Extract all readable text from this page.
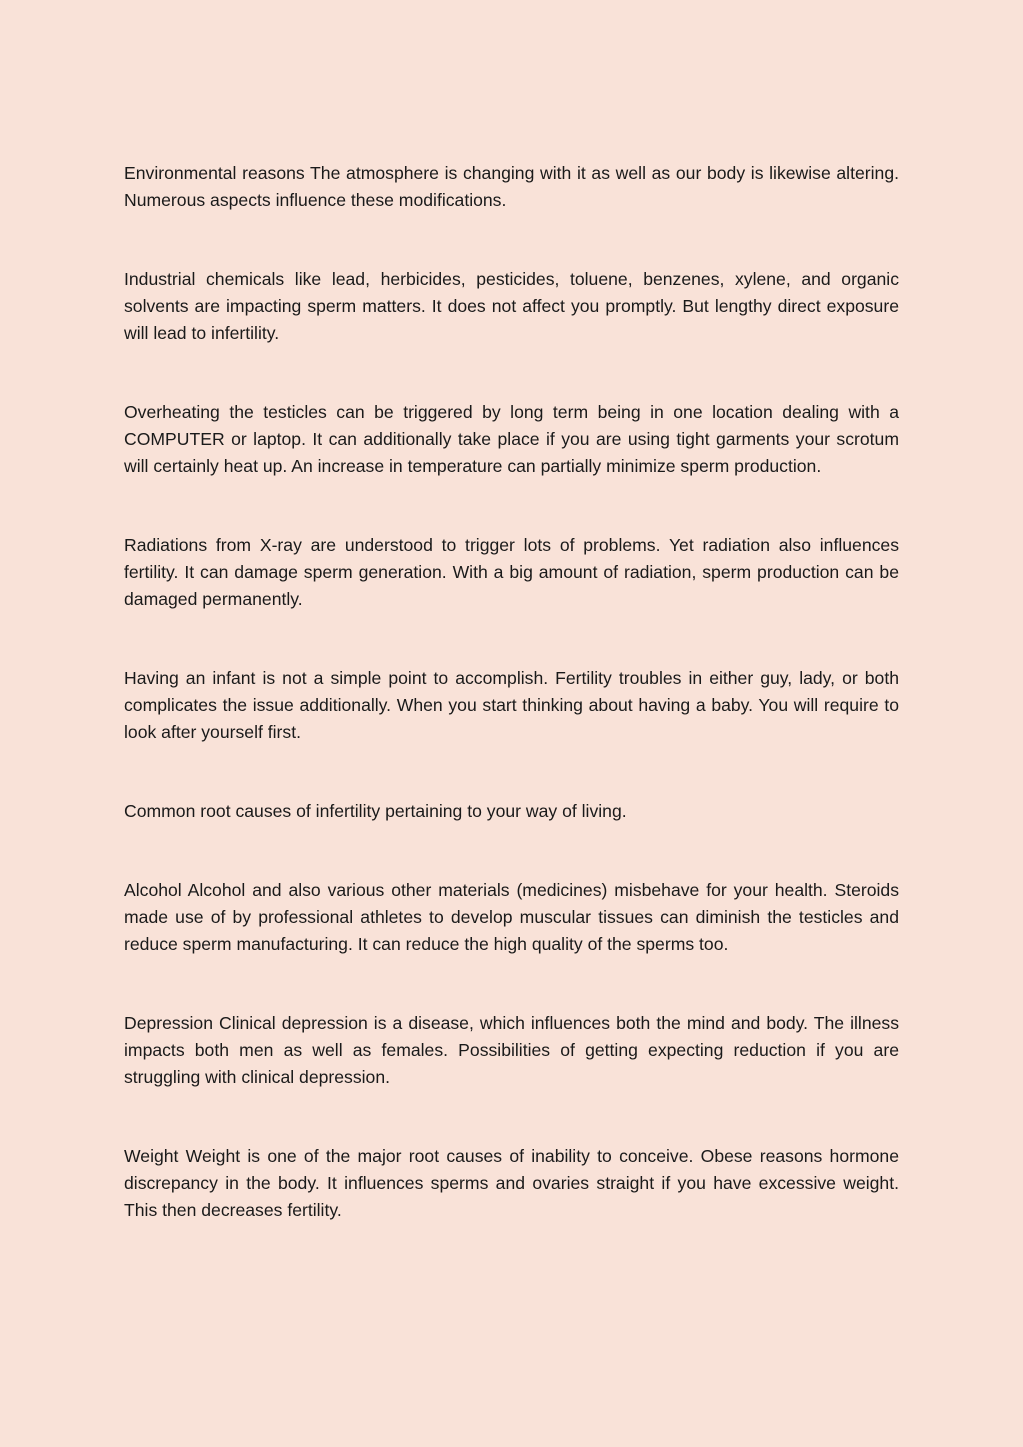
Environmental reasons The atmosphere is changing with it as well as our body is likewise altering. Numerous aspects influence these modifications.

Industrial chemicals like lead, herbicides, pesticides, toluene, benzenes, xylene, and organic solvents are impacting sperm matters. It does not affect you promptly. But lengthy direct exposure will lead to infertility.

Overheating the testicles can be triggered by long term being in one location dealing with a COMPUTER or laptop. It can additionally take place if you are using tight garments your scrotum will certainly heat up. An increase in temperature can partially minimize sperm production.

Radiations from X-ray are understood to trigger lots of problems. Yet radiation also influences fertility. It can damage sperm generation. With a big amount of radiation, sperm production can be damaged permanently.

Having an infant is not a simple point to accomplish. Fertility troubles in either guy, lady, or both complicates the issue additionally. When you start thinking about having a baby. You will require to look after yourself first.

Common root causes of infertility pertaining to your way of living.

Alcohol Alcohol and also various other materials (medicines) misbehave for your health. Steroids made use of by professional athletes to develop muscular tissues can diminish the testicles and reduce sperm manufacturing. It can reduce the high quality of the sperms too.

Depression Clinical depression is a disease, which influences both the mind and body. The illness impacts both men as well as females. Possibilities of getting expecting reduction if you are struggling with clinical depression.

Weight Weight is one of the major root causes of inability to conceive. Obese reasons hormone discrepancy in the body. It influences sperms and ovaries straight if you have excessive weight. This then decreases fertility.
